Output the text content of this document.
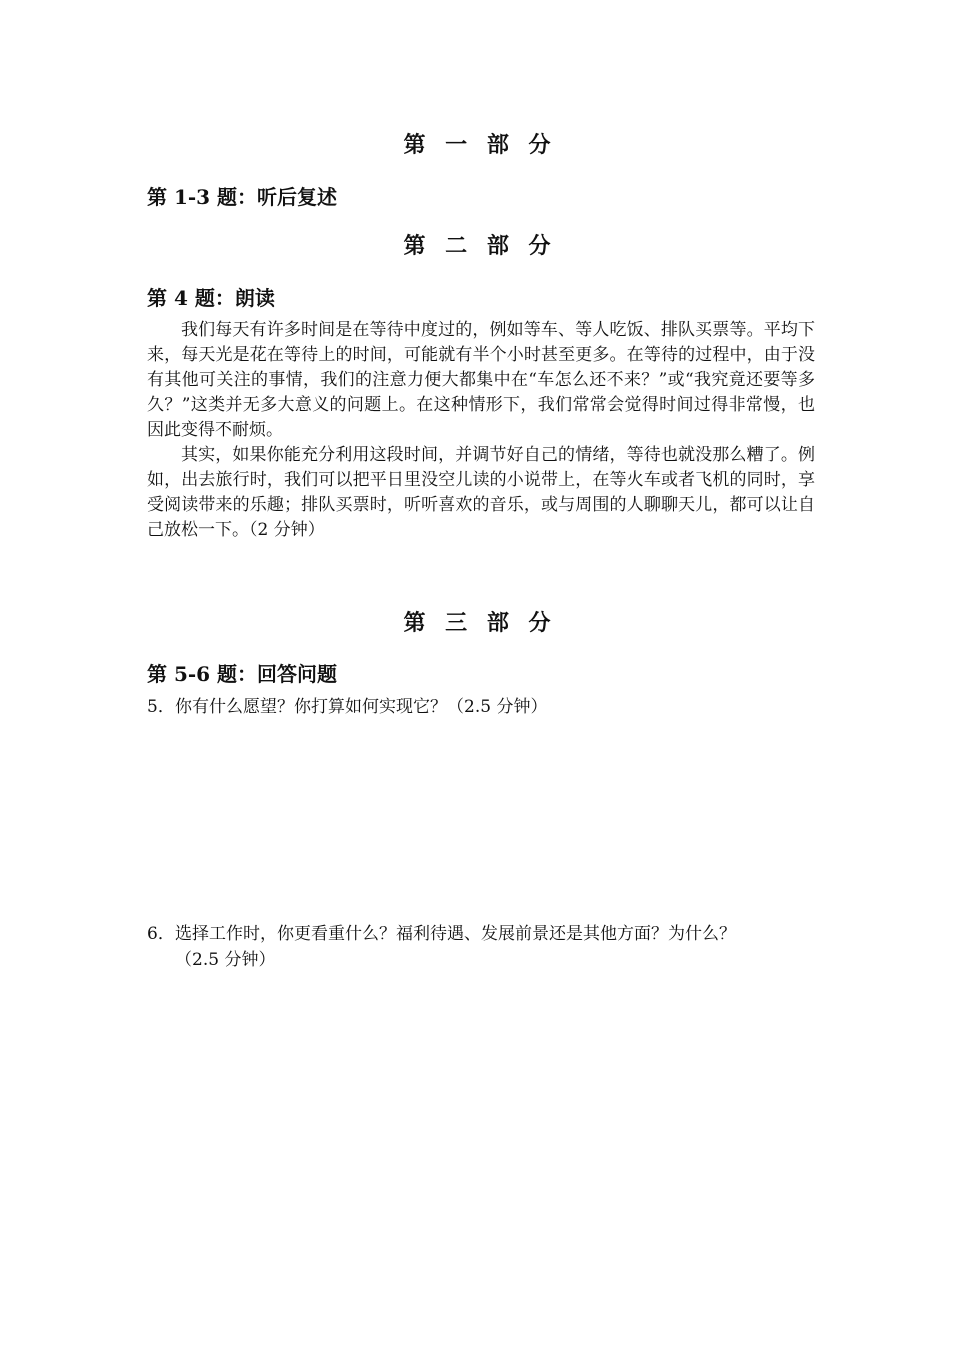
第 一 部 分
第 1-3 题：听后复述
第 二 部 分
第 4 题：朗读

我们每天有许多时间是在等待中度过的，例如等车、等人吃饭、排队买票等。平均下来，每天光是花在等待上的时间，可能就有半个小时甚至更多。在等待的过程中，由于没有其他可关注的事情，我们的注意力便大都集中在“车怎么还不来？”或“我究竟还要等多久？”这类并无多大意义的问题上。在这种情形下，我们常常会觉得时间过得非常慢，也因此变得不耐烦。

其实，如果你能充分利用这段时间，并调节好自己的情绪，等待也就没那么糟了。例如，出去旅行时，我们可以把平日里没空儿读的小说带上，在等火车或者飞机的同时，享受阅读带来的乐趣；排队买票时，听听喜欢的音乐，或与周围的人聊聊天儿，都可以让自己放松一下。（2 分钟）

第 三 部 分
第 5-6 题：回答问题
5．你有什么愿望？你打算如何实现它？（2.5 分钟）
6．选择工作时，你更看重什么？福利待遇、发展前景还是其他方面？为什么？
（2.5 分钟）
